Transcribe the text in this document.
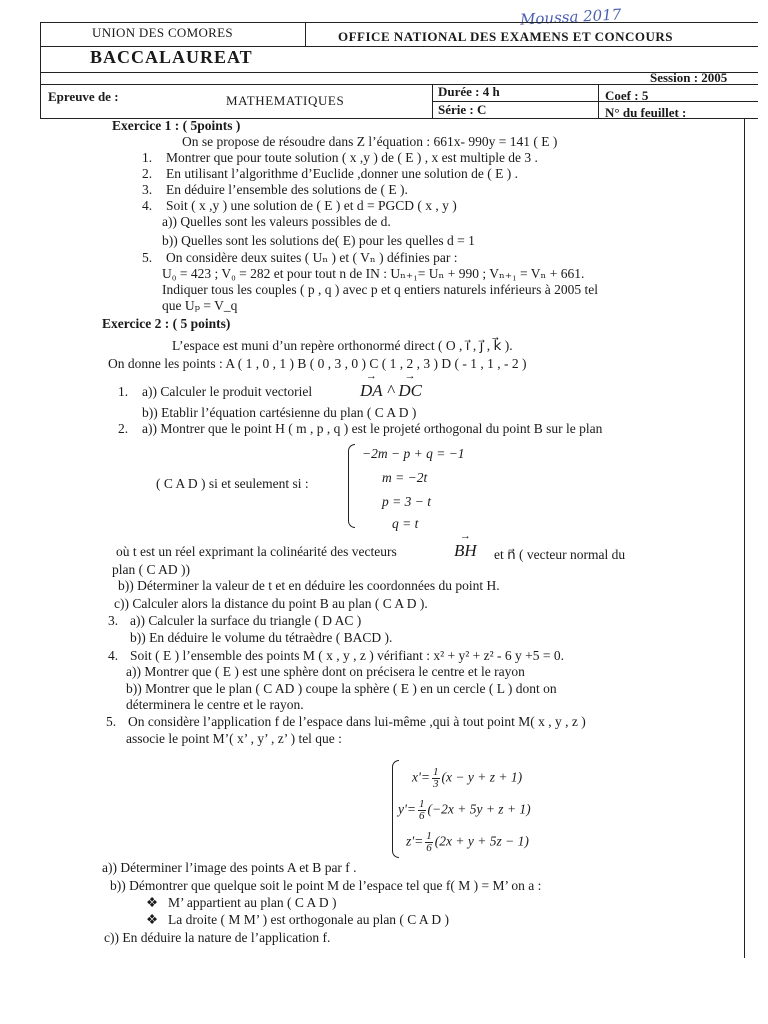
Moussa 2017
UNION DES COMORES	OFFICE NATIONAL DES EXAMENS ET CONCOURS
BACCALAUREAT
Session : 2005
Epreuve de :	MATHEMATIQUES
Durée : 4 h
Série : C
Coef : 5
N° du feuillet :
Exercice 1 : ( 5points )
On se propose de résoudre dans Z l’équation : 661x- 990y = 141 ( E )
1. Montrer que pour toute solution ( x ,y ) de ( E ) , x est multiple de 3 .
2. En utilisant l’algorithme d’Euclide ,donner une solution de ( E ) .
3. En déduire l’ensemble des solutions de ( E ).
4. Soit ( x ,y ) une solution de ( E ) et d = PGCD ( x , y )
a)) Quelles sont les valeurs possibles de d.
b)) Quelles sont les solutions de( E) pour les quelles d = 1
5. On considère deux suites ( Uₙ ) et ( Vₙ ) définies par :
U₀ = 423 ; V₀ = 282 et pour tout n de IN : Uₙ₊₁= Uₙ + 990 ; Vₙ₊₁ = Vₙ + 661.
Indiquer tous les couples ( p , q ) avec p et q entiers naturels inférieurs à 2005 tel
que Uₚ = V_q
Exercice 2 : ( 5 points)
L’espace est muni d’un repère orthonormé direct ( O , i⃗ , j⃗ , k⃗ ).
On donne les points : A ( 1 , 0 , 1 ) B ( 0 , 3 , 0 ) C ( 1 , 2 , 3 ) D ( - 1 , 1 , - 2 )
1. a)) Calculer le produit vectoriel	DA
→
^ DC
→
b)) Etablir l’équation cartésienne du plan ( C A D )
2. a)) Montrer que le point H ( m , p , q ) est le projeté orthogonal du point B sur le plan
( C A D ) si et seulement si :
−2m − p + q = −1
m = −2t
p = 3 − t
q = t
où t est un réel exprimant la colinéarité des vecteurs	BH
→
et n⃗ ( vecteur normal du
plan ( C AD ))
b)) Déterminer la valeur de t et en déduire les coordonnées du point H.
c)) Calculer alors la distance du point B au plan ( C A D ).
3. a)) Calculer la surface du triangle ( D AC )
b)) En déduire le volume du tétraèdre ( BACD ).
4. Soit ( E ) l’ensemble des points M ( x , y , z ) vérifiant : x² + y² + z² - 6 y +5 = 0.
a)) Montrer que ( E ) est une sphère dont on précisera le centre et le rayon
b)) Montrer que le plan ( C AD ) coupe la sphère ( E ) en un cercle ( L ) dont on
déterminera le centre et le rayon.
5. On considère l’application f de l’espace dans lui-même ,qui à tout point M( x , y , z )
associe le point M’( x’ , y’ , z’ ) tel que :
$x'= \frac{1}{3} (x - y + z + 1)$
$y'= \frac{1}{6} (-2x + 5y + z + 1)$
$z'= \frac{1}{6} (2x + y + 5z - 1)$
a)) Déterminer l’image des points A et B par f .
b)) Démontrer que quelque soit le point M de l’espace tel que f( M ) = M’ on a :
❖ M’ appartient au plan ( C A D )
❖ La droite ( M M’ ) est orthogonale au plan ( C A D )
c)) En déduire la nature de l’application f.
